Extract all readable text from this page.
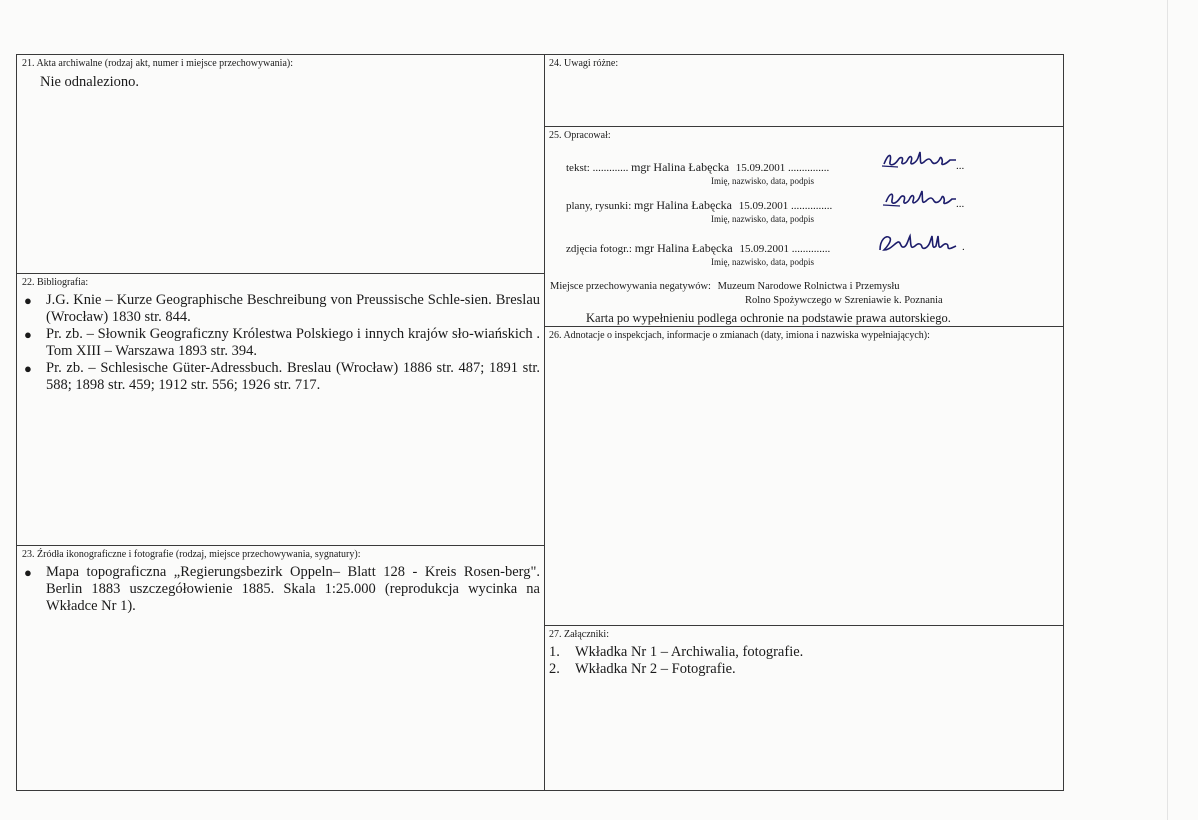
21. Akta archiwalne (rodzaj akt, numer i miejsce przechowywania):
Nie odnaleziono.
22. Bibliografia:
● J.G. Knie – Kurze Geographische Beschreibung von Preussische Schle-sien. Breslau (Wrocław) 1830 str. 844.
● Pr. zb. – Słownik Geograficzny Królestwa Polskiego i innych krajów sło-wiańskich . Tom XIII – Warszawa 1893 str. 394.
● Pr. zb. – Schlesische Güter-Adressbuch. Breslau (Wrocław) 1886 str. 487; 1891 str. 588; 1898 str. 459; 1912 str. 556; 1926 str. 717.
23. Źródła ikonograficzne i fotografie (rodzaj, miejsce przechowywania, sygnatury):
● Mapa topograficzna „Regierungsbezirk Oppeln– Blatt 128 - Kreis Rosen-berg". Berlin 1883 uszczegółowienie 1885. Skala 1:25.000 (reprodukcja wycinka na Wkładce Nr 1).
24. Uwagi różne:
25. Opracował:
tekst: ............. mgr Halina Łabęcka 15.09.2001 ...............	...
Imię, nazwisko, data, podpis
plany, rysunki: mgr Halina Łabęcka 15.09.2001 ...............	...
Imię, nazwisko, data, podpis
zdjęcia fotogr.: mgr Halina Łabęcka 15.09.2001 ..............	.
Imię, nazwisko, data, podpis
Miejsce przechowywania negatywów: Muzeum Narodowe Rolnictwa i Przemysłu
Rolno Spożywczego w Szreniawie k. Poznania
Karta po wypełnieniu podlega ochronie na podstawie prawa autorskiego.
26. Adnotacje o inspekcjach, informacje o zmianach (daty, imiona i nazwiska wypełniających):
27. Załączniki:
1.	Wkładka Nr 1 – Archiwalia, fotografie.
2.	Wkładka Nr 2 – Fotografie.
